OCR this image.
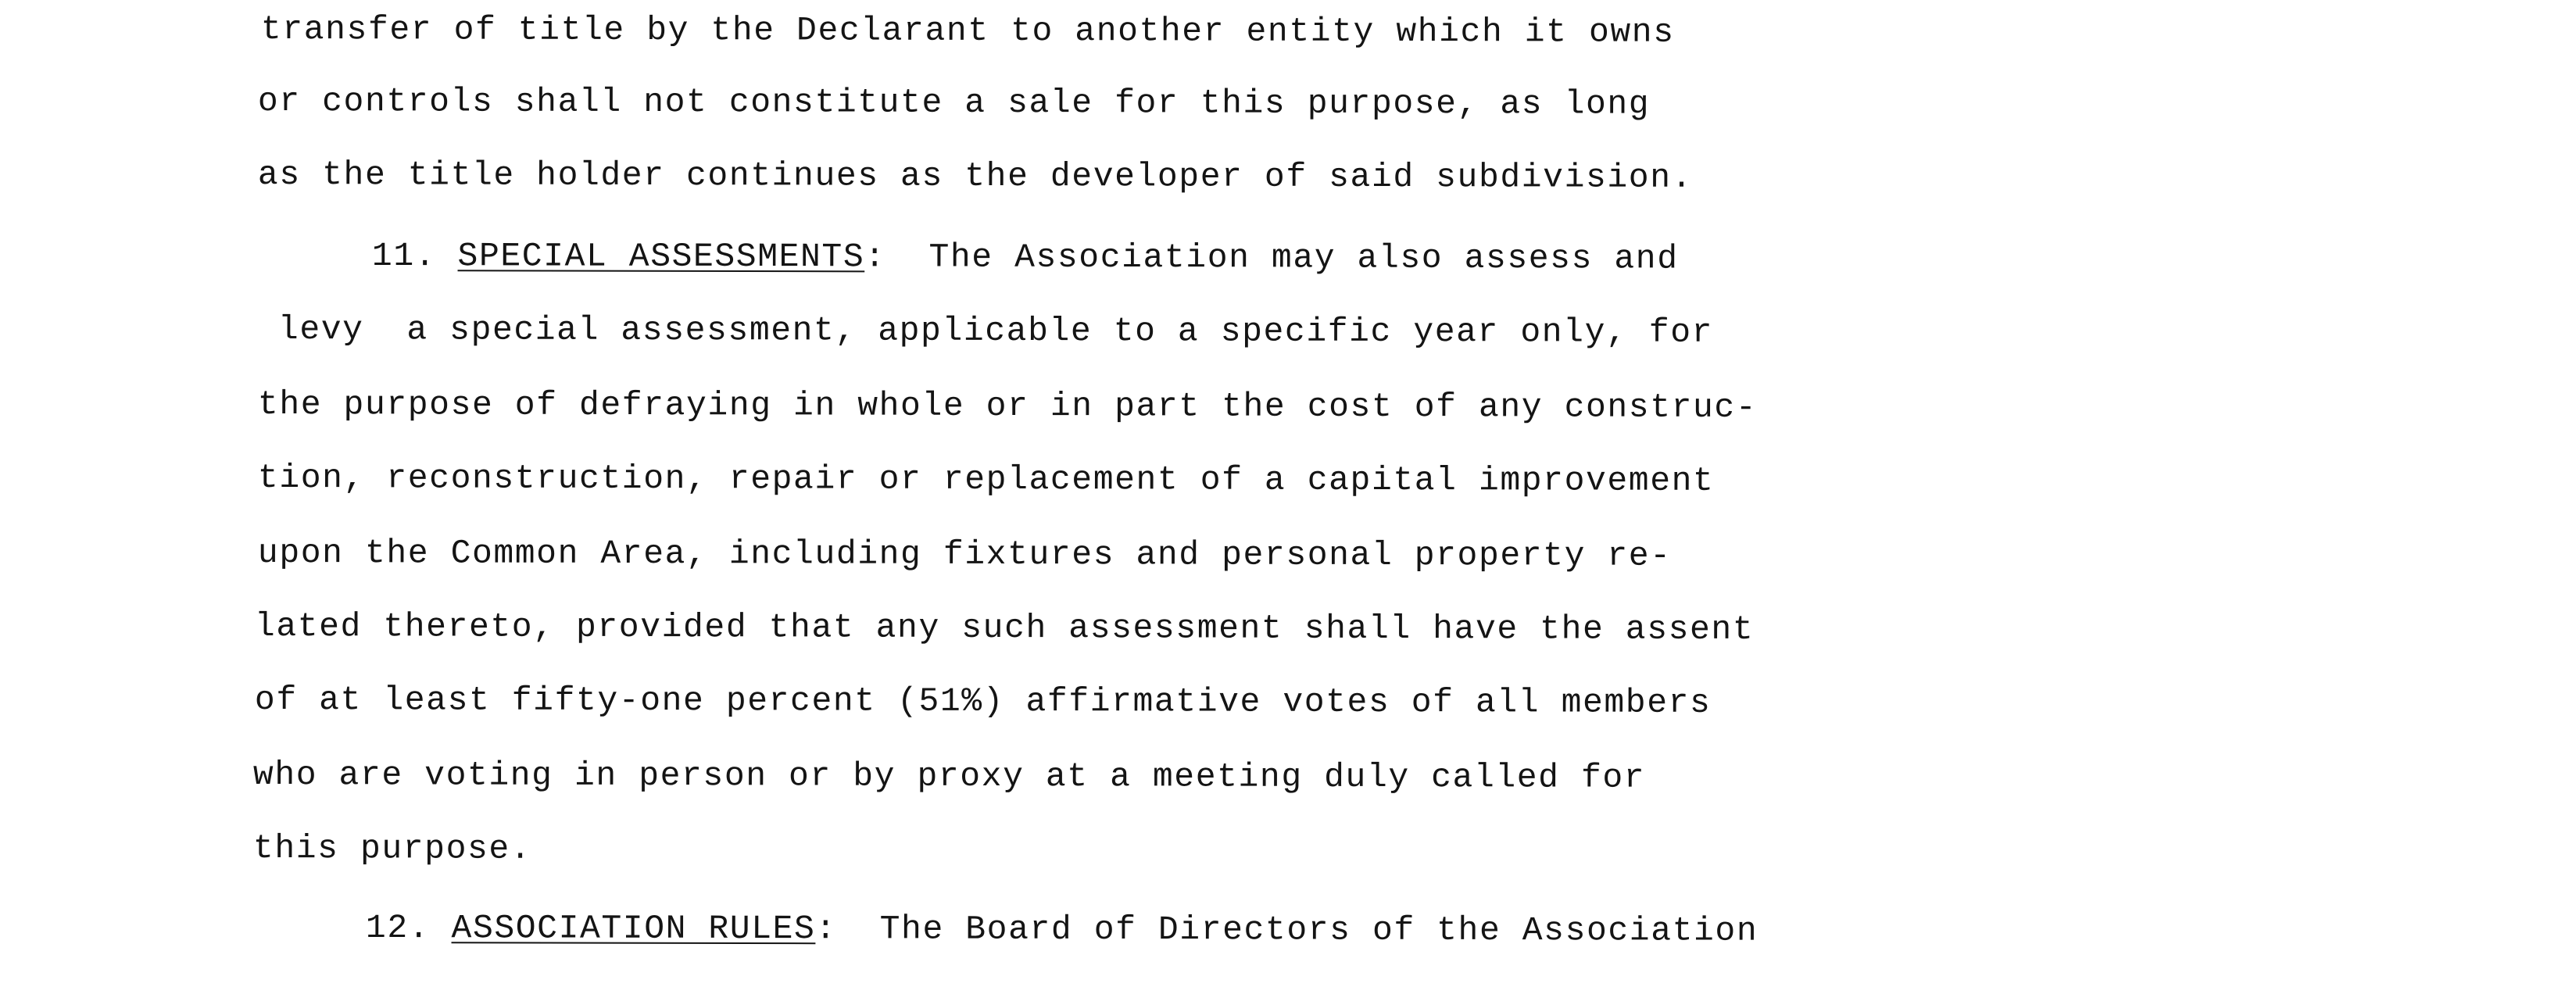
transfer of title by the Declarant to another entity which it owns
or controls shall not constitute a sale for this purpose, as long
as the title holder continues as the developer of said subdivision.
11. SPECIAL ASSESSMENTS: The Association may also assess and
levy  a special assessment, applicable to a specific year only, for
the purpose of defraying in whole or in part the cost of any construc-
tion, reconstruction, repair or replacement of a capital improvement
upon the Common Area, including fixtures and personal property re-
lated thereto, provided that any such assessment shall have the assent
of at least fifty-one percent (51%) affirmative votes of all members
who are voting in person or by proxy at a meeting duly called for
this purpose.
12. ASSOCIATION RULES: The Board of Directors of the Association
